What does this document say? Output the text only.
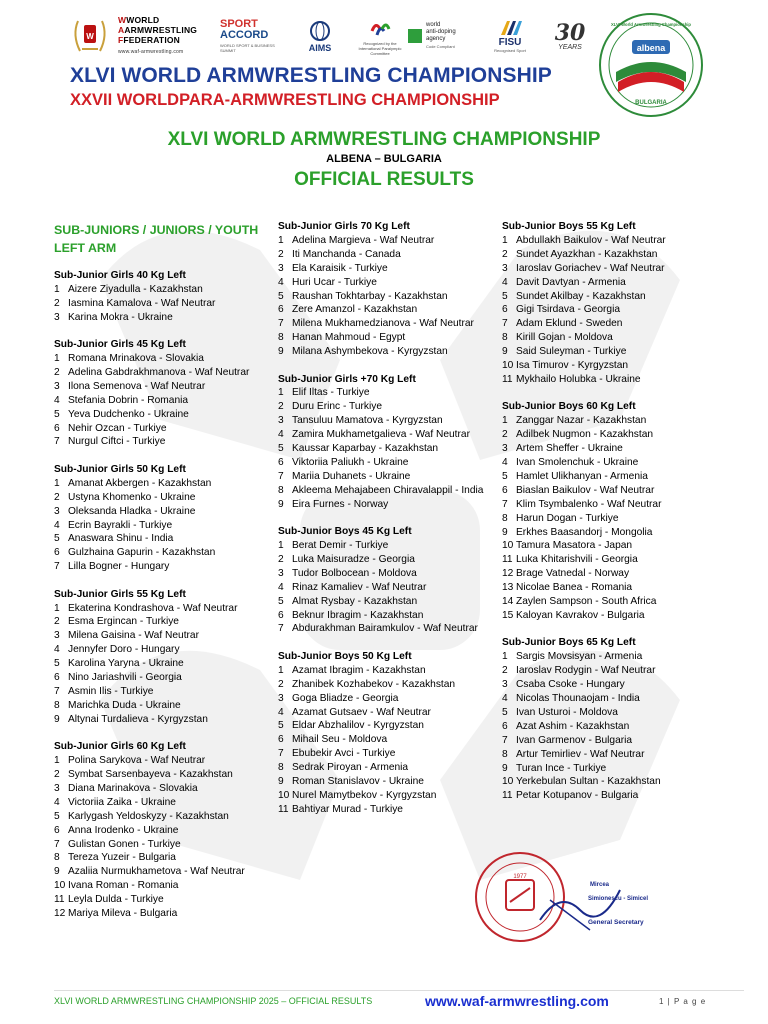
W
WWORLD
AARMWRESTLING
FFEDERATION
www.waf-armwrestling.com
SPORT
ACCORD
WORLD SPORT & BUSINESS SUMMIT	AIMS	Recognized by the International Paralympic Committee
world
anti-doping
agency
Code Compliant	FISU
Recognised Sport
30
YEARS	albena
BULGARIA
XLVI World Armwrestling Championship
XLVI WORLD ARMWRESTLING CHAMPIONSHIP
XXVII WORLDPARA-ARMWRESTLING CHAMPIONSHIP
XLVI WORLD ARMWRESTLING CHAMPIONSHIP
ALBENA – BULGARIA
OFFICIAL RESULTS
SUB-JUNIORS / JUNIORS / YOUTH
LEFT ARM
Sub-Junior Girls 40 Kg Left
1 Aizere Ziyadulla - Kazakhstan
2 Iasmina Kamalova - Waf Neutrar
3 Karina Mokra - Ukraine
Sub-Junior Girls 45 Kg Left
1 Romana Mrinakova - Slovakia
2 Adelina Gabdrakhmanova - Waf Neutrar
3 Ilona Semenova - Waf Neutrar
4 Stefania Dobrin - Romania
5 Yeva Dudchenko - Ukraine
6 Nehir Ozcan - Turkiye
7 Nurgul Ciftci - Turkiye
Sub-Junior Girls 50 Kg Left
1 Amanat Akbergen - Kazakhstan
2 Ustyna Khomenko - Ukraine
3 Oleksanda Hladka - Ukraine
4 Ecrin Bayrakli - Turkiye
5 Anaswara Shinu - India
6 Gulzhaina Gapurin - Kazakhstan
7 Lilla Bogner - Hungary
Sub-Junior Girls 55 Kg Left
1 Ekaterina Kondrashova - Waf Neutrar
2 Esma Ergincan - Turkiye
3 Milena Gaisina - Waf Neutrar
4 Jennyfer Doro - Hungary
5 Karolina Yaryna - Ukraine
6 Nino Jariashvili - Georgia
7 Asmin Ilis - Turkiye
8 Marichka Duda - Ukraine
9 Altynai Turdalieva - Kyrgyzstan
Sub-Junior Girls 60 Kg Left
1 Polina Sarykova - Waf Neutrar
2 Symbat Sarsenbayeva - Kazakhstan
3 Diana Marinakova - Slovakia
4 Victoriia Zaika - Ukraine
5 Karlygash Yeldoskyzy - Kazakhstan
6 Anna Irodenko - Ukraine
7 Gulistan Gonen - Turkiye
8 Tereza Yuzeir - Bulgaria
9 Azaliia Nurmukhametova - Waf Neutrar
10 Ivana Roman - Romania
11 Leyla Dulda - Turkiye
12 Mariya Mileva - Bulgaria
Sub-Junior Girls 70 Kg Left
1 Adelina Margieva - Waf Neutrar
2 Iti Manchanda - Canada
3 Ela Karaisik - Turkiye
4 Huri Ucar - Turkiye
5 Raushan Tokhtarbay - Kazakhstan
6 Zere Amanzol - Kazakhstan
7 Milena Mukhamedzianova - Waf Neutrar
8 Hanan Mahmoud - Egypt
9 Milana Ashymbekova - Kyrgyzstan
Sub-Junior Girls +70 Kg Left
1 Elif Iltas - Turkiye
2 Duru Erinc - Turkiye
3 Tansuluu Mamatova - Kyrgyzstan
4 Zamira Mukhametgalieva - Waf Neutrar
5 Kaussar Kaparbay - Kazakhstan
6 Viktoriia Paliukh - Ukraine
7 Mariia Duhanets - Ukraine
8 Akleema Mehajabeen Chiravalappil - India
9 Eira Furnes - Norway
Sub-Junior Boys 45 Kg Left
1 Berat Demir - Turkiye
2 Luka Maisuradze - Georgia
3 Tudor Bolbocean - Moldova
4 Rinaz Kamaliev - Waf Neutrar
5 Almat Rysbay - Kazakhstan
6 Beknur Ibragim - Kazakhstan
7 Abdurakhman Bairamkulov - Waf Neutrar
Sub-Junior Boys 50 Kg Left
1 Azamat Ibragim - Kazakhstan
2 Zhanibek Kozhabekov - Kazakhstan
3 Goga Bliadze - Georgia
4 Azamat Gutsaev - Waf Neutrar
5 Eldar Abzhalilov - Kyrgyzstan
6 Mihail Seu - Moldova
7 Ebubekir Avci - Turkiye
8 Sedrak Piroyan - Armenia
9 Roman Stanislavov - Ukraine
10 Nurel Mamytbekov - Kyrgyzstan
11 Bahtiyar Murad - Turkiye
Sub-Junior Boys 55 Kg Left
1 Abdullakh Baikulov - Waf Neutrar
2 Sundet Ayazkhan - Kazakhstan
3 Iaroslav Goriachev - Waf Neutrar
4 Davit Davtyan - Armenia
5 Sundet Akilbay - Kazakhstan
6 Gigi Tsirdava - Georgia
7 Adam Eklund - Sweden
8 Kirill Gojan - Moldova
9 Said Suleyman - Turkiye
10 Isa Timurov - Kyrgyzstan
11 Mykhailo Holubka - Ukraine
Sub-Junior Boys 60 Kg Left
1 Zanggar Nazar - Kazakhstan
2 Adilbek Nugmon - Kazakhstan
3 Artem Sheffer - Ukraine
4 Ivan Smolenchuk - Ukraine
5 Hamlet Ulikhanyan - Armenia
6 Biaslan Baikulov - Waf Neutrar
7 Klim Tsymbalenko - Waf Neutrar
8 Harun Dogan - Turkiye
9 Erkhes Baasandorj - Mongolia
10 Tamura Masatora - Japan
11 Luka Khitarishvili - Georgia
12 Brage Vatnedal - Norway
13 Nicolae Banea - Romania
14 Zaylen Sampson - South Africa
15 Kaloyan Kavrakov - Bulgaria
Sub-Junior Boys 65 Kg Left
1 Sargis Movsisyan - Armenia
2 Iaroslav Rodygin - Waf Neutrar
3 Csaba Csoke - Hungary
4 Nicolas Thounaojam - India
5 Ivan Usturoi - Moldova
6 Azat Ashim - Kazakhstan
7 Ivan Garmenov - Bulgaria
8 Artur Temirliev - Waf Neutrar
9 Turan Ince - Turkiye
10 Yerkebulan Sultan - Kazakhstan
11 Petar Kotupanov - Bulgaria
1977
Mircea
Simionescu - Simicel
General Secretary
XLVI WORLD ARMWRESTLING CHAMPIONSHIP 2025 – OFFICIAL RESULTS	www.waf-armwrestling.com	1 | P a g e
